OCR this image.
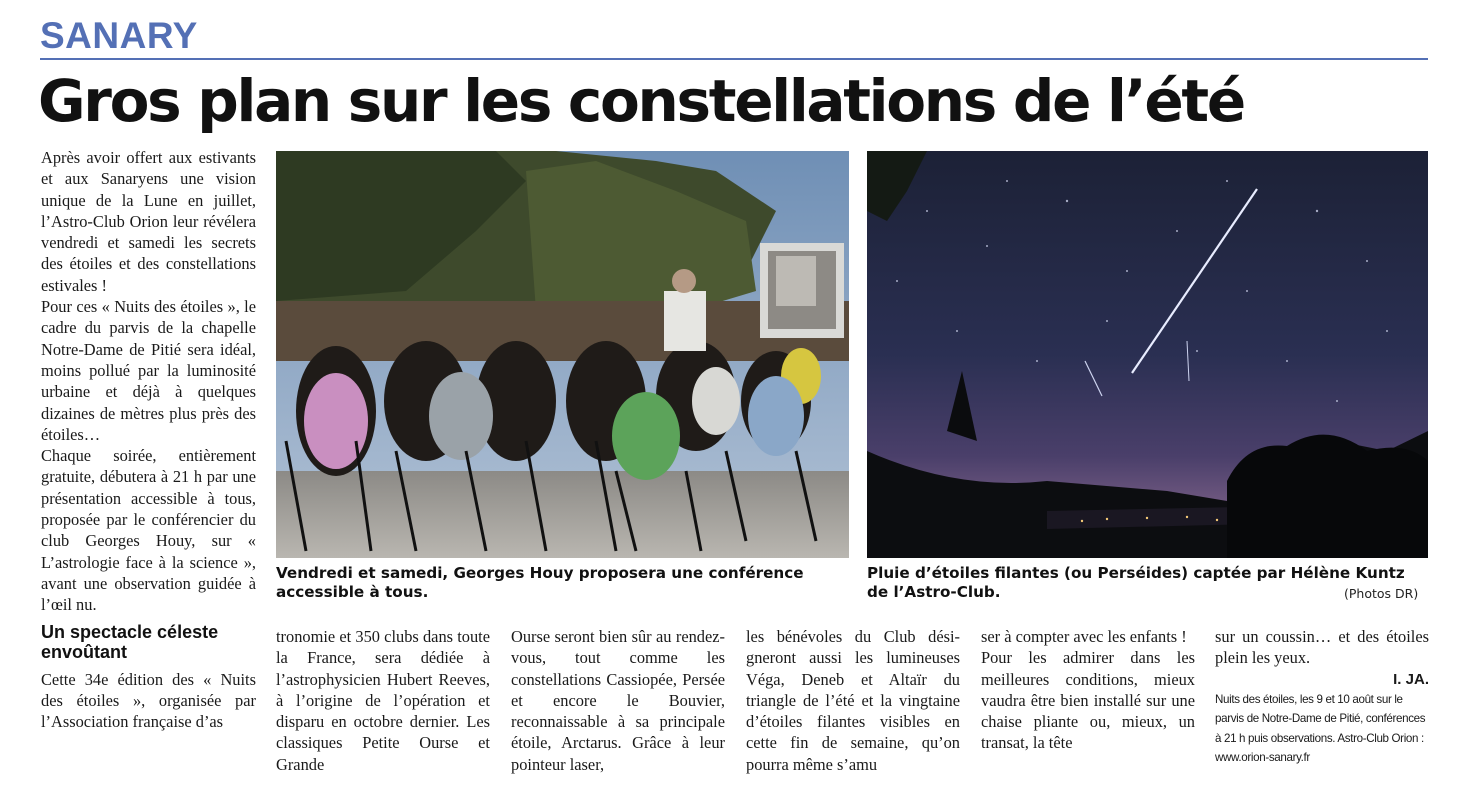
SANARY
Gros plan sur les constellations de l’été

Après avoir offert aux estivants et aux Sanaryens une vision unique de la Lune en juillet, l’Astro-Club Orion leur révélera vendredi et samedi les secrets des étoiles et des constellations estivales !

Pour ces « Nuits des étoiles », le cadre du parvis de la chapelle Notre-Dame de Pitié sera idéal, moins pollué par la luminosité urbaine et déjà à quelques dizaines de mètres plus près des étoiles…

Chaque soirée, entièrement gratuite, débutera à 21 h par une présentation accessible à tous, proposée par le conférencier du club Georges Houy, sur « L’astrologie face à la science », avant une observation guidée à l’œil nu.

Un spectacle céleste envoûtant

Cette 34e édition des « Nuits des étoiles », organisée par l’Association française d’as

Vendredi et samedi, Georges Houy proposera une conférence accessible à tous.
Pluie d’étoiles filantes (ou Perséides) captée par Hélène Kuntz de l’Astro-Club.	(Photos DR)

tronomie et 350 clubs dans toute la France, sera dédiée à l’astrophysicien Hubert Reeves, à l’origine de l’opération et disparu en octobre dernier. Les classiques Petite Ourse et Grande

Ourse seront bien sûr au rendez-vous, tout comme les constellations Cassiopée, Persée et encore le Bouvier, reconnaissable à sa principale étoile, Arctarus. Grâce à leur pointeur laser,

les bénévoles du Club désigneront aussi les lumineuses Véga, Deneb et Altaïr du triangle de l’été et la vingtaine d’étoiles filantes visibles en cette fin de semaine, qu’on pourra même s’amu

ser à compter avec les enfants !

Pour les admirer dans les meilleures conditions, mieux vaudra être bien installé sur une chaise pliante ou, mieux, un transat, la tête

sur un coussin… et des étoiles plein les yeux.

I. JA.

Nuits des étoiles, les 9 et 10 août sur le parvis de Notre-Dame de Pitié, conférences à 21 h puis observations. Astro-Club Orion : www.orion-sanary.fr
